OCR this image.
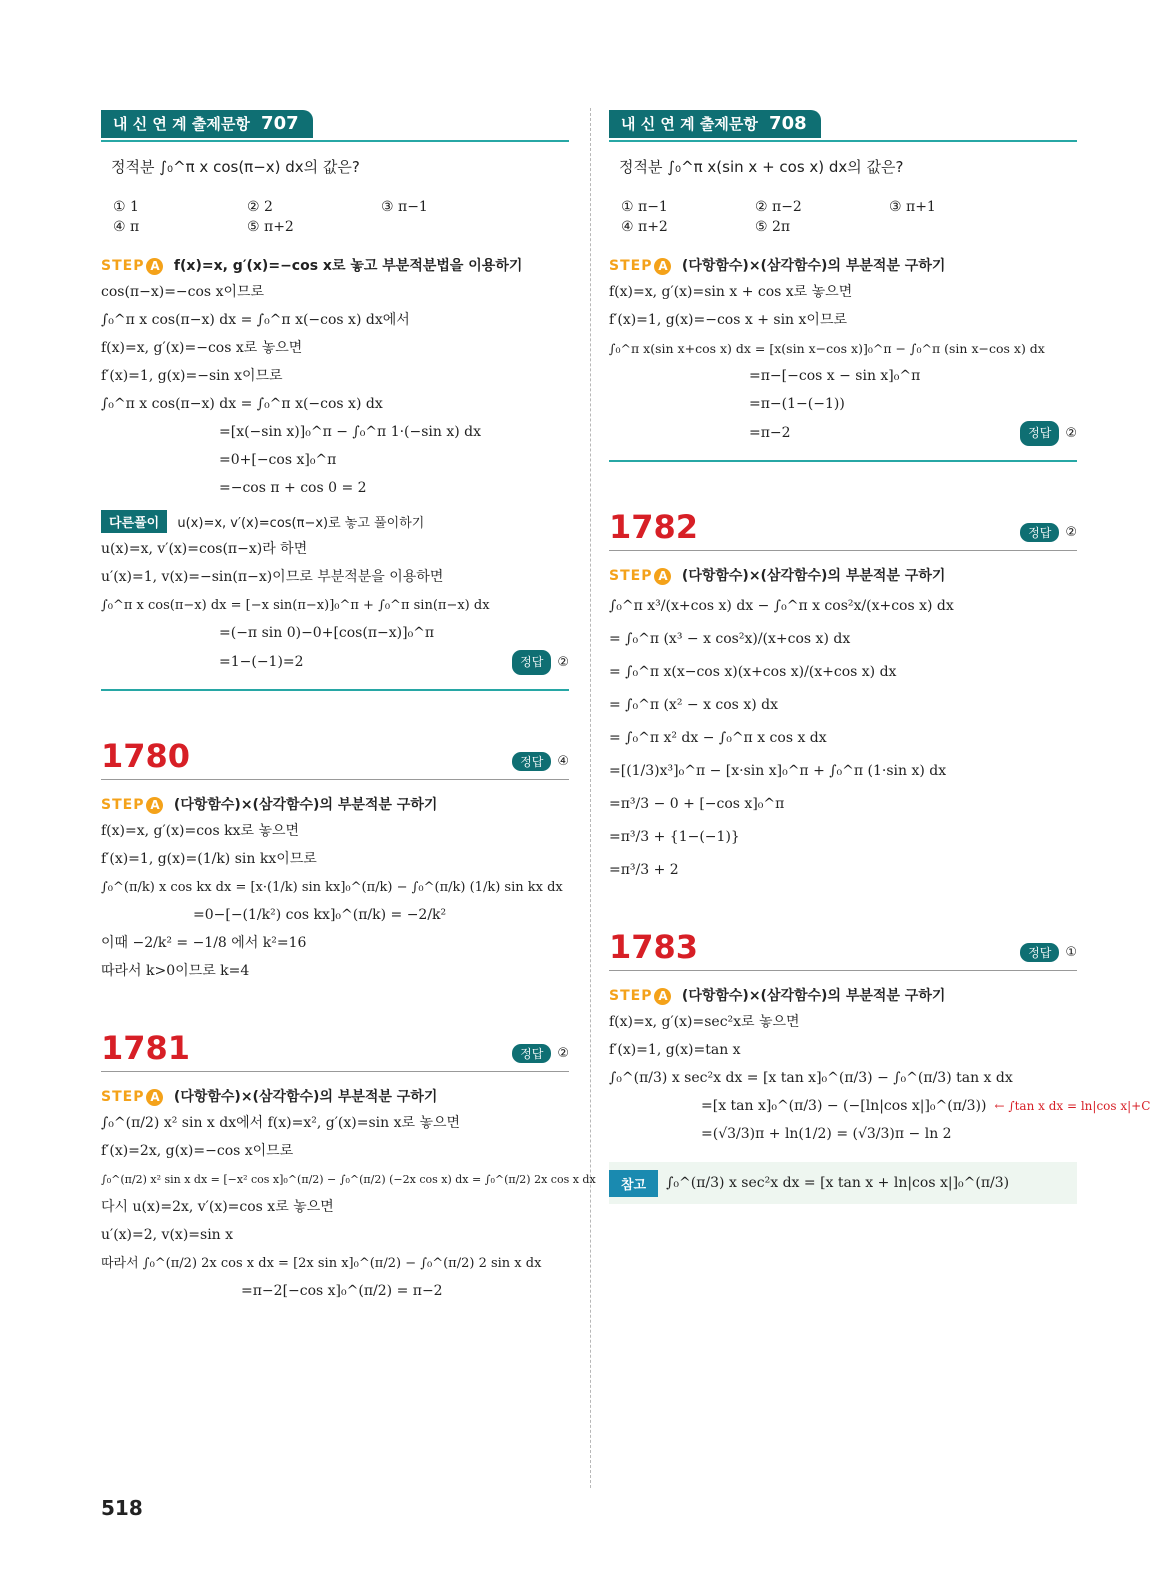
내 신 연 계 출제문항 707
정적분 ∫₀^π x cos(π−x) dx의 값은?
① 1	② 2	③ π−1
④ π	⑤ π+2
STEP A f(x)=x, g′(x)=−cos x로 놓고 부분적분법을 이용하기
cos(π−x)=−cos x이므로
∫₀^π x cos(π−x) dx = ∫₀^π x(−cos x) dx에서
f(x)=x, g′(x)=−cos x로 놓으면
f′(x)=1, g(x)=−sin x이므로
∫₀^π x cos(π−x) dx = ∫₀^π x(−cos x) dx
=[x(−sin x)]₀^π − ∫₀^π 1·(−sin x) dx
=0+[−cos x]₀^π
=−cos π + cos 0 = 2
다른풀이 u(x)=x, v′(x)=cos(π−x)로 놓고 풀이하기
u(x)=x, v′(x)=cos(π−x)라 하면
u′(x)=1, v(x)=−sin(π−x)이므로 부분적분을 이용하면
∫₀^π x cos(π−x) dx = [−x sin(π−x)]₀^π + ∫₀^π sin(π−x) dx
=(−π sin 0)−0+[cos(π−x)]₀^π
=1−(−1)=2	정답	②
1780	정답	④
STEP A (다항함수)×(삼각함수)의 부분적분 구하기
f(x)=x, g′(x)=cos kx로 놓으면
f′(x)=1, g(x)=(1/k) sin kx이므로
∫₀^(π/k) x cos kx dx = [x·(1/k) sin kx]₀^(π/k) − ∫₀^(π/k) (1/k) sin kx dx
=0−[−(1/k²) cos kx]₀^(π/k) = −2/k²
이때 −2/k² = −1/8 에서 k²=16
따라서 k>0이므로 k=4
1781	정답	②
STEP A (다항함수)×(삼각함수)의 부분적분 구하기
∫₀^(π/2) x² sin x dx에서 f(x)=x², g′(x)=sin x로 놓으면
f′(x)=2x, g(x)=−cos x이므로
∫₀^(π/2) x² sin x dx = [−x² cos x]₀^(π/2) − ∫₀^(π/2) (−2x cos x) dx = ∫₀^(π/2) 2x cos x dx
다시 u(x)=2x, v′(x)=cos x로 놓으면
u′(x)=2, v(x)=sin x
따라서 ∫₀^(π/2) 2x cos x dx = [2x sin x]₀^(π/2) − ∫₀^(π/2) 2 sin x dx
=π−2[−cos x]₀^(π/2) = π−2
내 신 연 계 출제문항 708
정적분 ∫₀^π x(sin x + cos x) dx의 값은?
① π−1	② π−2	③ π+1
④ π+2	⑤ 2π
STEP A (다항함수)×(삼각함수)의 부분적분 구하기
f(x)=x, g′(x)=sin x + cos x로 놓으면
f′(x)=1, g(x)=−cos x + sin x이므로
∫₀^π x(sin x+cos x) dx = [x(sin x−cos x)]₀^π − ∫₀^π (sin x−cos x) dx
=π−[−cos x − sin x]₀^π
=π−(1−(−1))
=π−2	정답	②
1782	정답	②
STEP A (다항함수)×(삼각함수)의 부분적분 구하기
∫₀^π x³/(x+cos x) dx − ∫₀^π x cos²x/(x+cos x) dx
= ∫₀^π (x³ − x cos²x)/(x+cos x) dx
= ∫₀^π x(x−cos x)(x+cos x)/(x+cos x) dx
= ∫₀^π (x² − x cos x) dx
= ∫₀^π x² dx − ∫₀^π x cos x dx
=[(1/3)x³]₀^π − [x·sin x]₀^π + ∫₀^π (1·sin x) dx
=π³/3 − 0 + [−cos x]₀^π
=π³/3 + {1−(−1)}
=π³/3 + 2
1783	정답	①
STEP A (다항함수)×(삼각함수)의 부분적분 구하기
f(x)=x, g′(x)=sec²x로 놓으면
f′(x)=1, g(x)=tan x
∫₀^(π/3) x sec²x dx = [x tan x]₀^(π/3) − ∫₀^(π/3) tan x dx
=[x tan x]₀^(π/3) − (−[ln|cos x|]₀^(π/3)) ← ∫tan x dx = ln|cos x|+C
=(√3/3)π + ln(1/2) = (√3/3)π − ln 2
참고	∫₀^(π/3) x sec²x dx = [x tan x + ln|cos x|]₀^(π/3)
518
